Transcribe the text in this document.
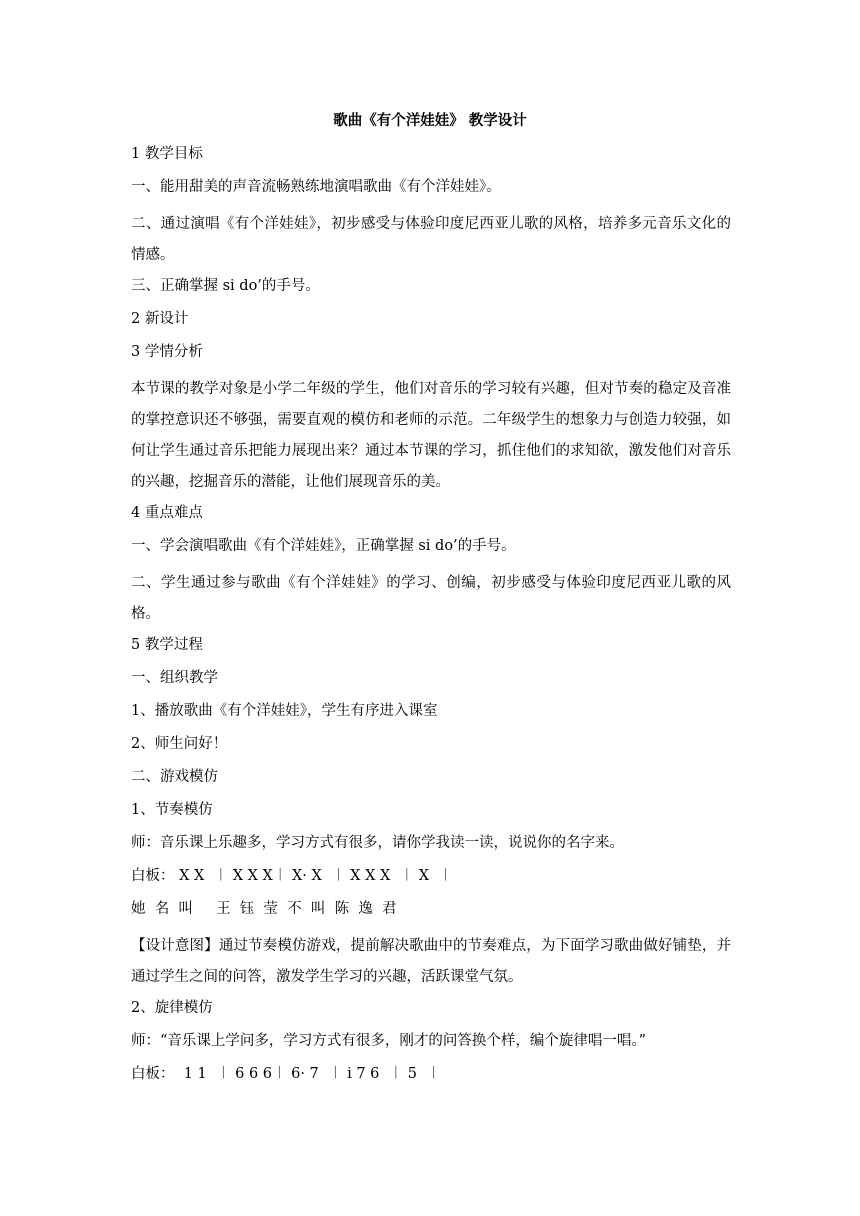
歌曲《有个洋娃娃》 教学设计
1 教学目标
一、能用甜美的声音流畅熟练地演唱歌曲《有个洋娃娃》。
二、通过演唱《有个洋娃娃》，初步感受与体验印度尼西亚儿歌的风格，培养多元音乐文化的情感。
三、正确掌握 si do’的手号。
2 新设计
3 学情分析
本节课的教学对象是小学二年级的学生，他们对音乐的学习较有兴趣，但对节奏的稳定及音准的掌控意识还不够强，需要直观的模仿和老师的示范。二年级学生的想象力与创造力较强，如何让学生通过音乐把能力展现出来？通过本节课的学习，抓住他们的求知欲，激发他们对音乐的兴趣，挖掘音乐的潜能，让他们展现音乐的美。
4 重点难点
一、学会演唱歌曲《有个洋娃娃》，正确掌握 si do’的手号。
二、学生通过参与歌曲《有个洋娃娃》的学习、创编，初步感受与体验印度尼西亚儿歌的风格。
5 教学过程
一、组织教学
1、播放歌曲《有个洋娃娃》，学生有序进入课室
2、师生问好！
二、游戏模仿
1、节奏模仿
师：音乐课上乐趣多，学习方式有很多，请你学我读一读，说说你的名字来。
白板： X X  ︱ X X X︱ X· X  ︱ X X X  ︱ X  ︱
她  名  叫     王  钰  莹  不  叫  陈  逸  君
【设计意图】通过节奏模仿游戏，提前解决歌曲中的节奏难点，为下面学习歌曲做好铺垫，并通过学生之间的问答，激发学生学习的兴趣，活跃课堂气氛。
2、旋律模仿
师：“音乐课上学问多，学习方式有很多，刚才的问答换个样，编个旋律唱一唱。”
白板：  1 1  ︱ 6 6 6︱ 6· 7  ︱ i 7 6  ︱ 5  ︱
